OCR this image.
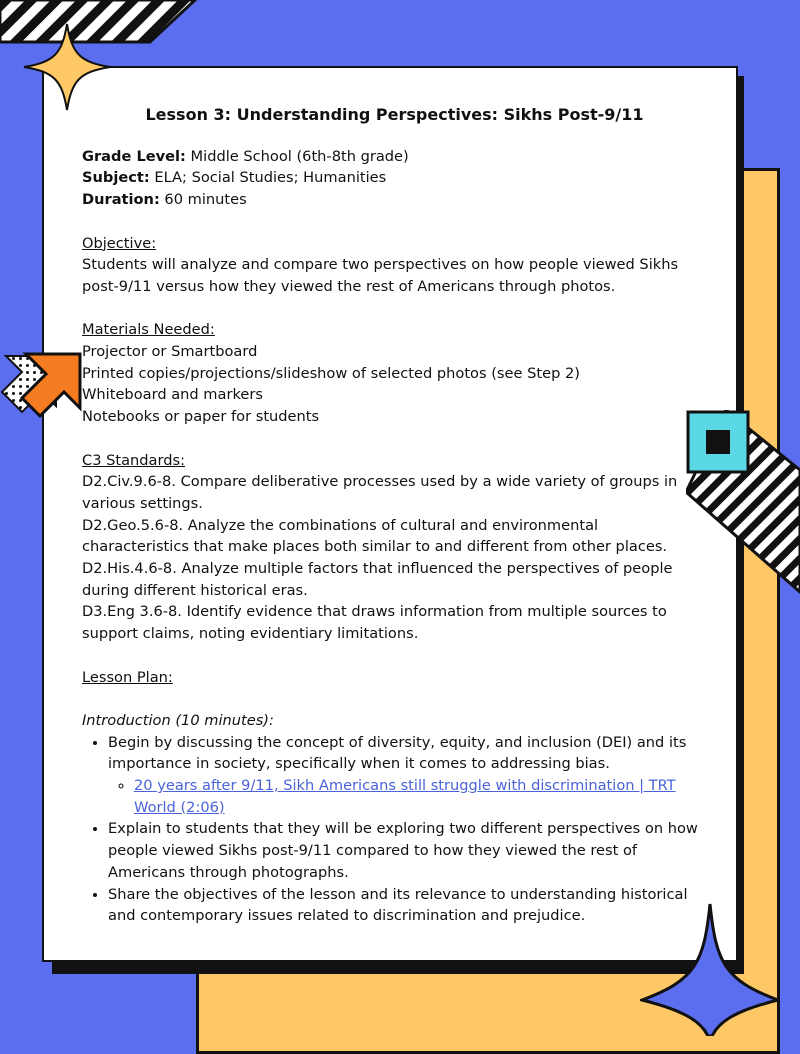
Lesson 3: Understanding Perspectives: Sikhs Post-9/11

Grade Level: Middle School (6th-8th grade)

Subject: ELA; Social Studies; Humanities

Duration: 60 minutes

Objective:

Students will analyze and compare two perspectives on how people viewed Sikhs post-9/11 versus how they viewed the rest of Americans through photos.

Materials Needed:

Projector or Smartboard

Printed copies/projections/slideshow of selected photos (see Step 2)

Whiteboard and markers

Notebooks or paper for students

C3 Standards:

D2.Civ.9.6-8. Compare deliberative processes used by a wide variety of groups in various settings.

D2.Geo.5.6-8. Analyze the combinations of cultural and environmental characteristics that make places both similar to and different from other places.

D2.His.4.6-8. Analyze multiple factors that influenced the perspectives of people during different historical eras.

D3.Eng 3.6-8. Identify evidence that draws information from multiple sources to support claims, noting evidentiary limitations.

Lesson Plan:

Introduction (10 minutes):

• Begin by discussing the concept of diversity, equity, and inclusion (DEI) and its importance in society, specifically when it comes to addressing bias.
◦ 20 years after 9/11, Sikh Americans still struggle with discrimination | TRT World (2:06)
• Explain to students that they will be exploring two different perspectives on how people viewed Sikhs post-9/11 compared to how they viewed the rest of Americans through photographs.
• Share the objectives of the lesson and its relevance to understanding historical and contemporary issues related to discrimination and prejudice.
